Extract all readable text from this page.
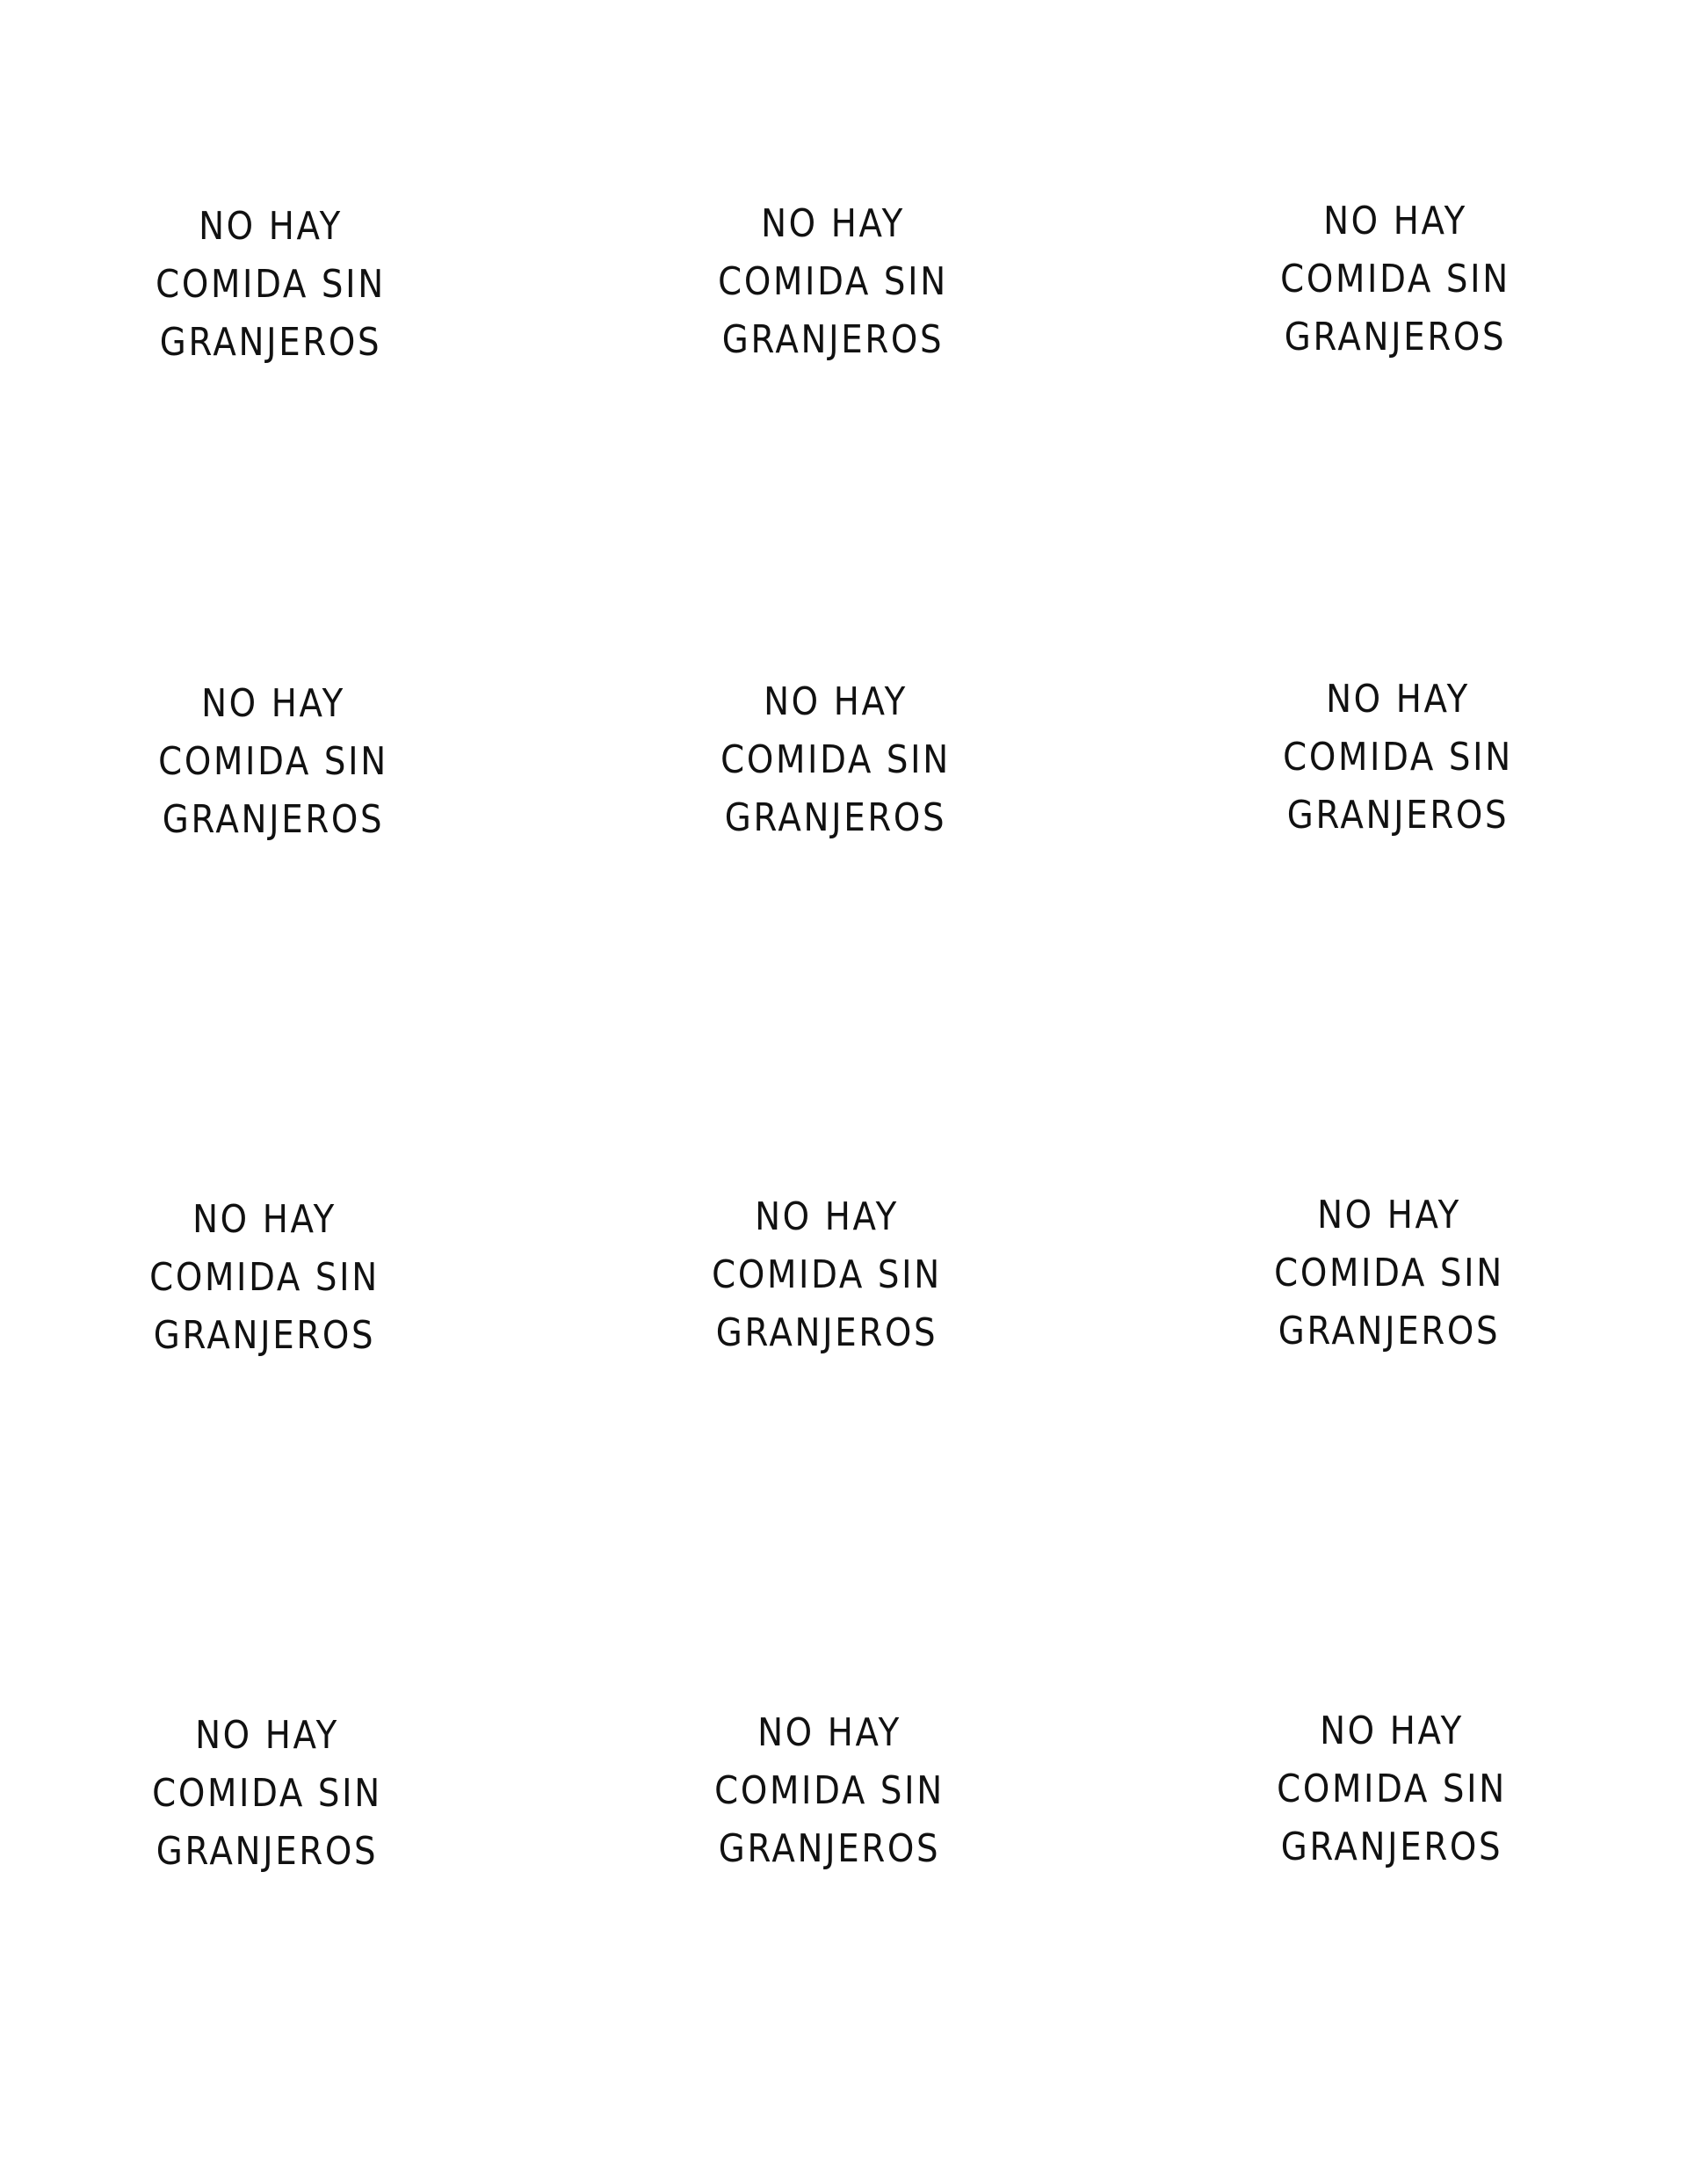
NO HAY
COMIDA SIN
GRANJEROS
NO HAY
COMIDA SIN
GRANJEROS
NO HAY
COMIDA SIN
GRANJEROS
NO HAY
COMIDA SIN
GRANJEROS
NO HAY
COMIDA SIN
GRANJEROS
NO HAY
COMIDA SIN
GRANJEROS
NO HAY
COMIDA SIN
GRANJEROS
NO HAY
COMIDA SIN
GRANJEROS
NO HAY
COMIDA SIN
GRANJEROS
NO HAY
COMIDA SIN
GRANJEROS
NO HAY
COMIDA SIN
GRANJEROS
NO HAY
COMIDA SIN
GRANJEROS
